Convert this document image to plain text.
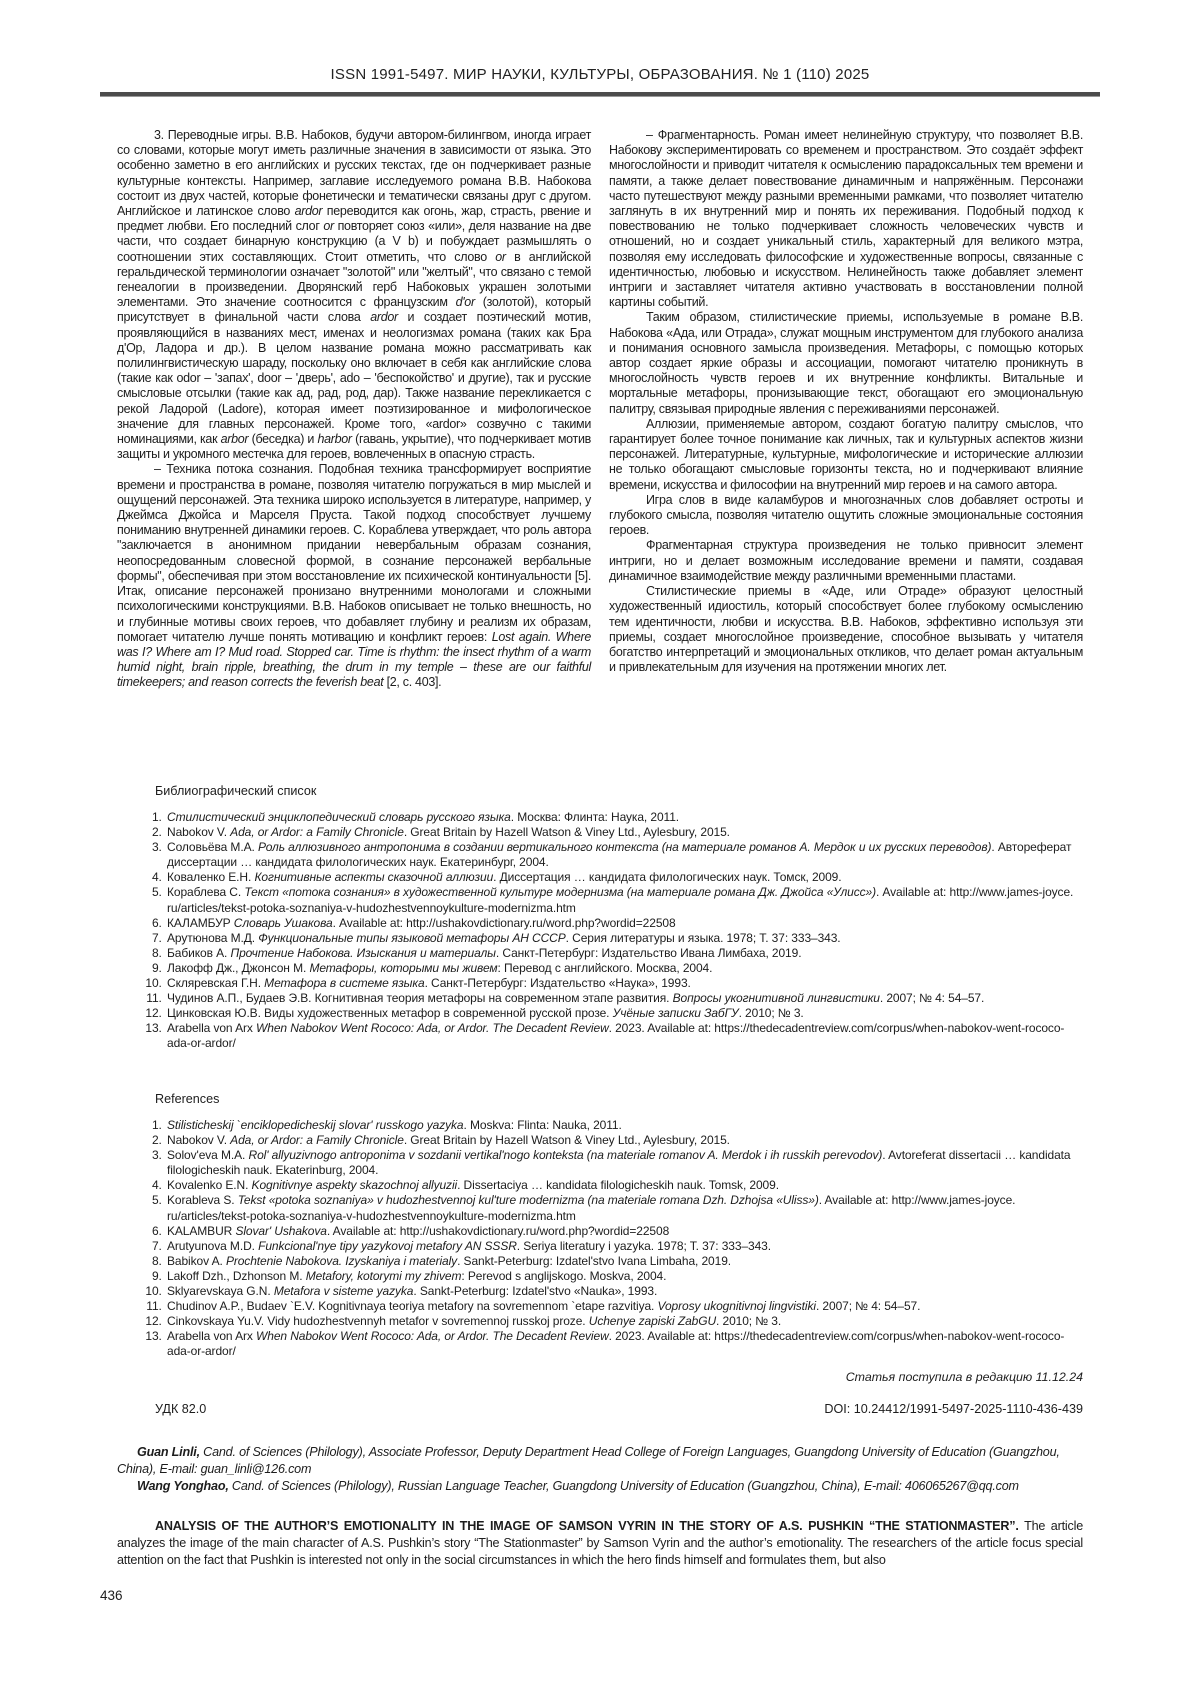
ISSN 1991-5497. МИР НАУКИ, КУЛЬТУРЫ, ОБРАЗОВАНИЯ. № 1 (110) 2025

3. Переводные игры. В.В. Набоков, будучи автором-билингвом, иногда играет со словами, которые могут иметь различные значения в зависимости от языка. Это особенно заметно в его английских и русских текстах, где он подчеркивает разные культурные контексты. Например, заглавие исследуемого романа В.В. Набокова состоит из двух частей, которые фонетически и тематически связаны друг с другом. Английское и латинское слово ardor переводится как огонь, жар, страсть, рвение и предмет любви. Его последний слог or повторяет союз «или», деля название на две части, что создает бинарную конструкцию (a V b) и побуждает размышлять о соотношении этих составляющих. Стоит отметить, что слово or в английской геральдической терминологии означает "золотой" или "желтый", что связано с темой генеалогии в произведении. Дворянский герб Набоковых украшен золотыми элементами. Это значение соотносится с французским d'or (золотой), который присутствует в финальной части слова ardor и создает поэтический мотив, проявляющийся в названиях мест, именах и неологизмах романа (таких как Бра д'Ор, Ладора и др.). В целом название романа можно рассматривать как полилингвистическую шараду, поскольку оно включает в себя как английские слова (такие как odor – 'запах', door – 'дверь', ado – 'беспокойство' и другие), так и русские смысловые отсылки (такие как ад, рад, род, дар). Также название перекликается с рекой Ладорой (Ladore), которая имеет поэтизированное и мифологическое значение для главных персонажей. Кроме того, «ardor» созвучно с такими номинациями, как arbor (беседка) и harbor (гавань, укрытие), что подчеркивает мотив защиты и укромного местечка для героев, вовлеченных в опасную страсть.

– Техника потока сознания. Подобная техника трансформирует восприятие времени и пространства в романе, позволяя читателю погружаться в мир мыслей и ощущений персонажей. Эта техника широко используется в литературе, например, у Джеймса Джойса и Марселя Пруста. Такой подход способствует лучшему пониманию внутренней динамики героев. С. Кораблева утверждает, что роль автора "заключается в анонимном придании невербальным образам сознания, неопосредованным словесной формой, в сознание персонажей вербальные формы", обеспечивая при этом восстановление их психической континуальности [5]. Итак, описание персонажей пронизано внутренними монологами и сложными психологическими конструкциями. В.В. Набоков описывает не только внешность, но и глубинные мотивы своих героев, что добавляет глубину и реализм их образам, помогает читателю лучше понять мотивацию и конфликт героев: Lost again. Where was I? Where am I? Mud road. Stopped car. Time is rhythm: the insect rhythm of a warm humid night, brain ripple, breathing, the drum in my temple – these are our faithful timekeepers; and reason corrects the feverish beat [2, с. 403].

– Фрагментарность. Роман имеет нелинейную структуру, что позволяет В.В. Набокову экспериментировать со временем и пространством. Это создаёт эффект многослойности и приводит читателя к осмыслению парадоксальных тем времени и памяти, а также делает повествование динамичным и напряжённым. Персонажи часто путешествуют между разными временными рамками, что позволяет читателю заглянуть в их внутренний мир и понять их переживания. Подобный подход к повествованию не только подчеркивает сложность человеческих чувств и отношений, но и создает уникальный стиль, характерный для великого мэтра, позволяя ему исследовать философские и художественные вопросы, связанные с идентичностью, любовью и искусством. Нелинейность также добавляет элемент интриги и заставляет читателя активно участвовать в восстановлении полной картины событий.

Таким образом, стилистические приемы, используемые в романе В.В. Набокова «Ада, или Отрада», служат мощным инструментом для глубокого анализа и понимания основного замысла произведения. Метафоры, с помощью которых автор создает яркие образы и ассоциации, помогают читателю проникнуть в многослойность чувств героев и их внутренние конфликты. Витальные и мортальные метафоры, пронизывающие текст, обогащают его эмоциональную палитру, связывая природные явления с переживаниями персонажей.

Аллюзии, применяемые автором, создают богатую палитру смыслов, что гарантирует более точное понимание как личных, так и культурных аспектов жизни персонажей. Литературные, культурные, мифологические и исторические аллюзии не только обогащают смысловые горизонты текста, но и подчеркивают влияние времени, искусства и философии на внутренний мир героев и на самого автора.

Игра слов в виде каламбуров и многозначных слов добавляет остроты и глубокого смысла, позволяя читателю ощутить сложные эмоциональные состояния героев.

Фрагментарная структура произведения не только привносит элемент интриги, но и делает возможным исследование времени и памяти, создавая динамичное взаимодействие между различными временными пластами.

Стилистические приемы в «Аде, или Отраде» образуют целостный художественный идиостиль, который способствует более глубокому осмыслению тем идентичности, любви и искусства. В.В. Набоков, эффективно используя эти приемы, создает многослойное произведение, способное вызывать у читателя богатство интерпретаций и эмоциональных откликов, что делает роман актуальным и привлекательным для изучения на протяжении многих лет.

Библиографический список
1. Стилистический энциклопедический словарь русского языка. Москва: Флинта: Наука, 2011.
2. Nabokov V. Ada, or Ardor: a Family Chronicle. Great Britain by Hazell Watson & Viney Ltd., Aylesbury, 2015.
3. Соловьёва М.А. Роль аллюзивного антропонима в создании вертикального контекста (на материале романов А. Мердок и их русских переводов). Автореферат диссертации … кандидата филологических наук. Екатеринбург, 2004.
4. Коваленко Е.Н. Когнитивные аспекты сказочной аллюзии. Диссертация … кандидата филологических наук. Томск, 2009.
5. Кораблева С. Текст «потока сознания» в художественной культуре модернизма (на материале романа Дж. Джойса «Улисс»). Available at: http://www.james-joyce. ru/articles/tekst-potoka-soznaniya-v-hudozhestvennoykulture-modernizma.htm
6. КАЛАМБУР Словарь Ушакова. Available at: http://ushakovdictionary.ru/word.php?wordid=22508
7. Арутюнова М.Д. Функциональные типы языковой метафоры АН СССР. Серия литературы и языка. 1978; Т. 37: 333–343.
8. Бабиков А. Прочтение Набокова. Изыскания и материалы. Санкт-Петербург: Издательство Ивана Лимбаха, 2019.
9. Лакофф Дж., Джонсон М. Метафоры, которыми мы живем: Перевод с английского. Москва, 2004.
10. Скляревская Г.Н. Метафора в системе языка. Санкт-Петербург: Издательство «Наука», 1993.
11. Чудинов А.П., Будаев Э.В. Когнитивная теория метафоры на современном этапе развития. Вопросы укогнитивной лингвистики. 2007; № 4: 54–57.
12. Цинковская Ю.В. Виды художественных метафор в современной русской прозе. Учёные записки ЗабГУ. 2010; № 3.
13. Arabella von Arx When Nabokov Went Rococo: Ada, or Ardor. The Decadent Review. 2023. Available at: https://thedecadentreview.com/corpus/when-nabokov-went-rococo-ada-or-ardor/
References
1. Stilisticheskij `enciklopedicheskij slovar' russkogo yazyka. Moskva: Flinta: Nauka, 2011.
2. Nabokov V. Ada, or Ardor: a Family Chronicle. Great Britain by Hazell Watson & Viney Ltd., Aylesbury, 2015.
3. Solov'eva M.A. Rol' allyuzivnogo antroponima v sozdanii vertikal'nogo konteksta (na materiale romanov A. Merdok i ih russkih perevodov). Avtoreferat dissertacii … kandidata filologicheskih nauk. Ekaterinburg, 2004.
4. Kovalenko E.N. Kognitivnye aspekty skazochnoj allyuzii. Dissertaciya … kandidata filologicheskih nauk. Tomsk, 2009.
5. Korableva S. Tekst «potoka soznaniya» v hudozhestvennoj kul'ture modernizma (na materiale romana Dzh. Dzhojsa «Uliss»). Available at: http://www.james-joyce. ru/articles/tekst-potoka-soznaniya-v-hudozhestvennoykulture-modernizma.htm
6. KALAMBUR Slovar' Ushakova. Available at: http://ushakovdictionary.ru/word.php?wordid=22508
7. Arutyunova M.D. Funkcional'nye tipy yazykovoj metafory AN SSSR. Seriya literatury i yazyka. 1978; T. 37: 333–343.
8. Babikov A. Prochtenie Nabokova. Izyskaniya i materialy. Sankt-Peterburg: Izdatel'stvo Ivana Limbaha, 2019.
9. Lakoff Dzh., Dzhonson M. Metafory, kotorymi my zhivem: Perevod s anglijskogo. Moskva, 2004.
10. Sklyarevskaya G.N. Metafora v sisteme yazyka. Sankt-Peterburg: Izdatel'stvo «Nauka», 1993.
11. Chudinov A.P., Budaev `E.V. Kognitivnaya teoriya metafory na sovremennom `etape razvitiya. Voprosy ukognitivnoj lingvistiki. 2007; № 4: 54–57.
12. Cinkovskaya Yu.V. Vidy hudozhestvennyh metafor v sovremennoj russkoj proze. Uchenye zapiski ZabGU. 2010; № 3.
13. Arabella von Arx When Nabokov Went Rococo: Ada, or Ardor. The Decadent Review. 2023. Available at: https://thedecadentreview.com/corpus/when-nabokov-went-rococo-ada-or-ardor/
Статья поступила в редакцию 11.12.24
УДК 82.0	DOI: 10.24412/1991-5497-2025-1110-436-439

Guan Linli, Cand. of Sciences (Philology), Associate Professor, Deputy Department Head College of Foreign Languages, Guangdong University of Education (Guangzhou, China), E-mail: guan_linli@126.com

Wang Yonghao, Cand. of Sciences (Philology), Russian Language Teacher, Guangdong University of Education (Guangzhou, China), E-mail: 406065267@qq.com

ANALYSIS OF THE AUTHOR’S EMOTIONALITY IN THE IMAGE OF SAMSON VYRIN IN THE STORY OF A.S. PUSHKIN “THE STATIONMASTER”. The article analyzes the image of the main character of A.S. Pushkin’s story “The Stationmaster” by Samson Vyrin and the author’s emotionality. The researchers of the article focus special attention on the fact that Pushkin is interested not only in the social circumstances in which the hero finds himself and formulates them, but also

436
